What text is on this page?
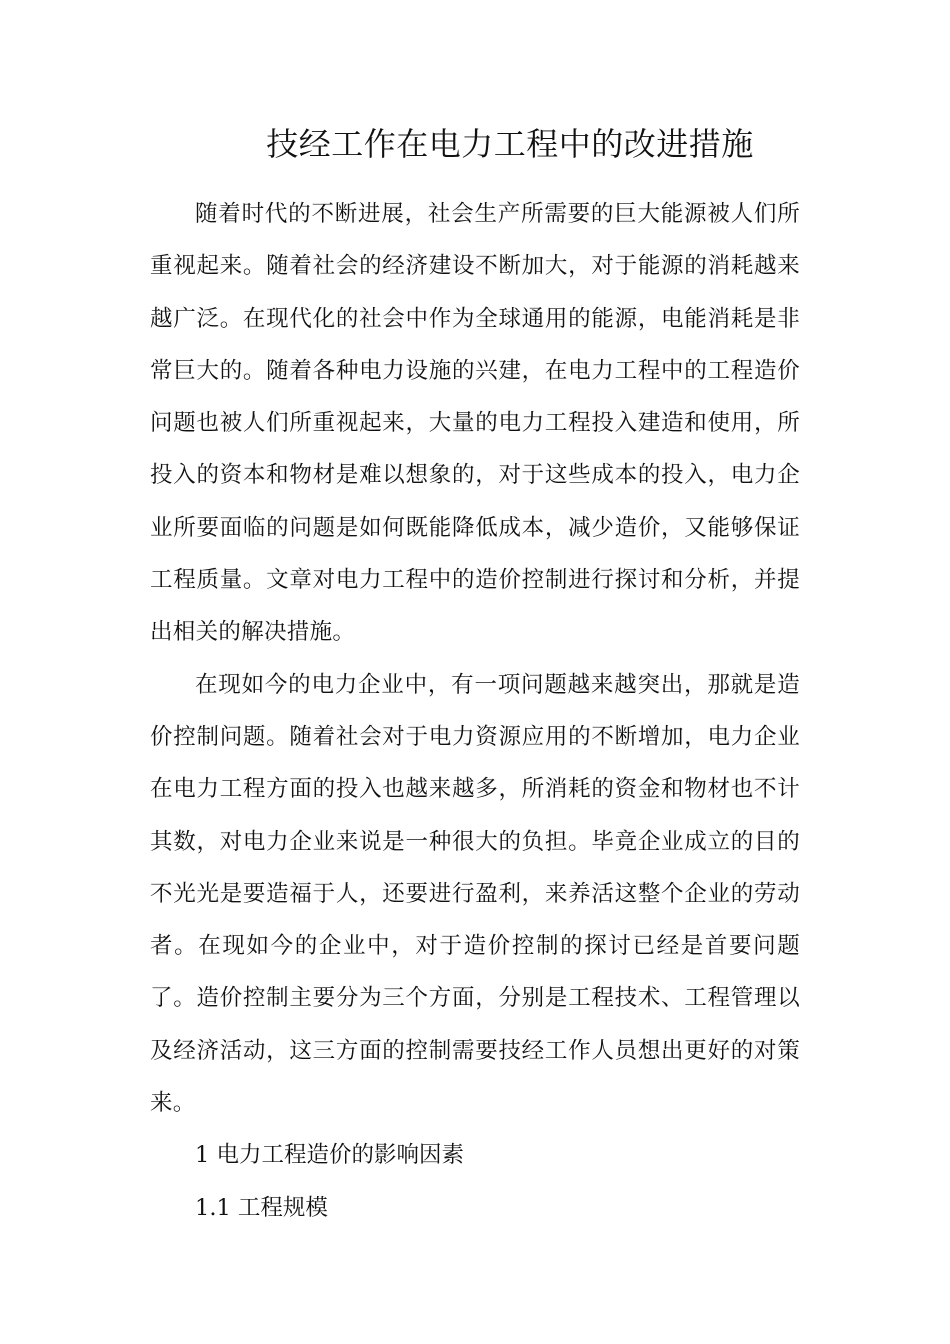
技经工作在电力工程中的改进措施

随着时代的不断进展，社会生产所需要的巨大能源被人们所重视起来。随着社会的经济建设不断加大，对于能源的消耗越来越广泛。在现代化的社会中作为全球通用的能源，电能消耗是非常巨大的。随着各种电力设施的兴建，在电力工程中的工程造价问题也被人们所重视起来，大量的电力工程投入建造和使用，所投入的资本和物材是难以想象的，对于这些成本的投入，电力企业所要面临的问题是如何既能降低成本，减少造价，又能够保证工程质量。文章对电力工程中的造价控制进行探讨和分析，并提出相关的解决措施。

在现如今的电力企业中，有一项问题越来越突出，那就是造价控制问题。随着社会对于电力资源应用的不断增加，电力企业在电力工程方面的投入也越来越多，所消耗的资金和物材也不计其数，对电力企业来说是一种很大的负担。毕竟企业成立的目的不光光是要造福于人，还要进行盈利，来养活这整个企业的劳动者。在现如今的企业中，对于造价控制的探讨已经是首要问题了。造价控制主要分为三个方面，分别是工程技术、工程管理以及经济活动，这三方面的控制需要技经工作人员想出更好的对策来。

1 电力工程造价的影响因素

1.1 工程规模
